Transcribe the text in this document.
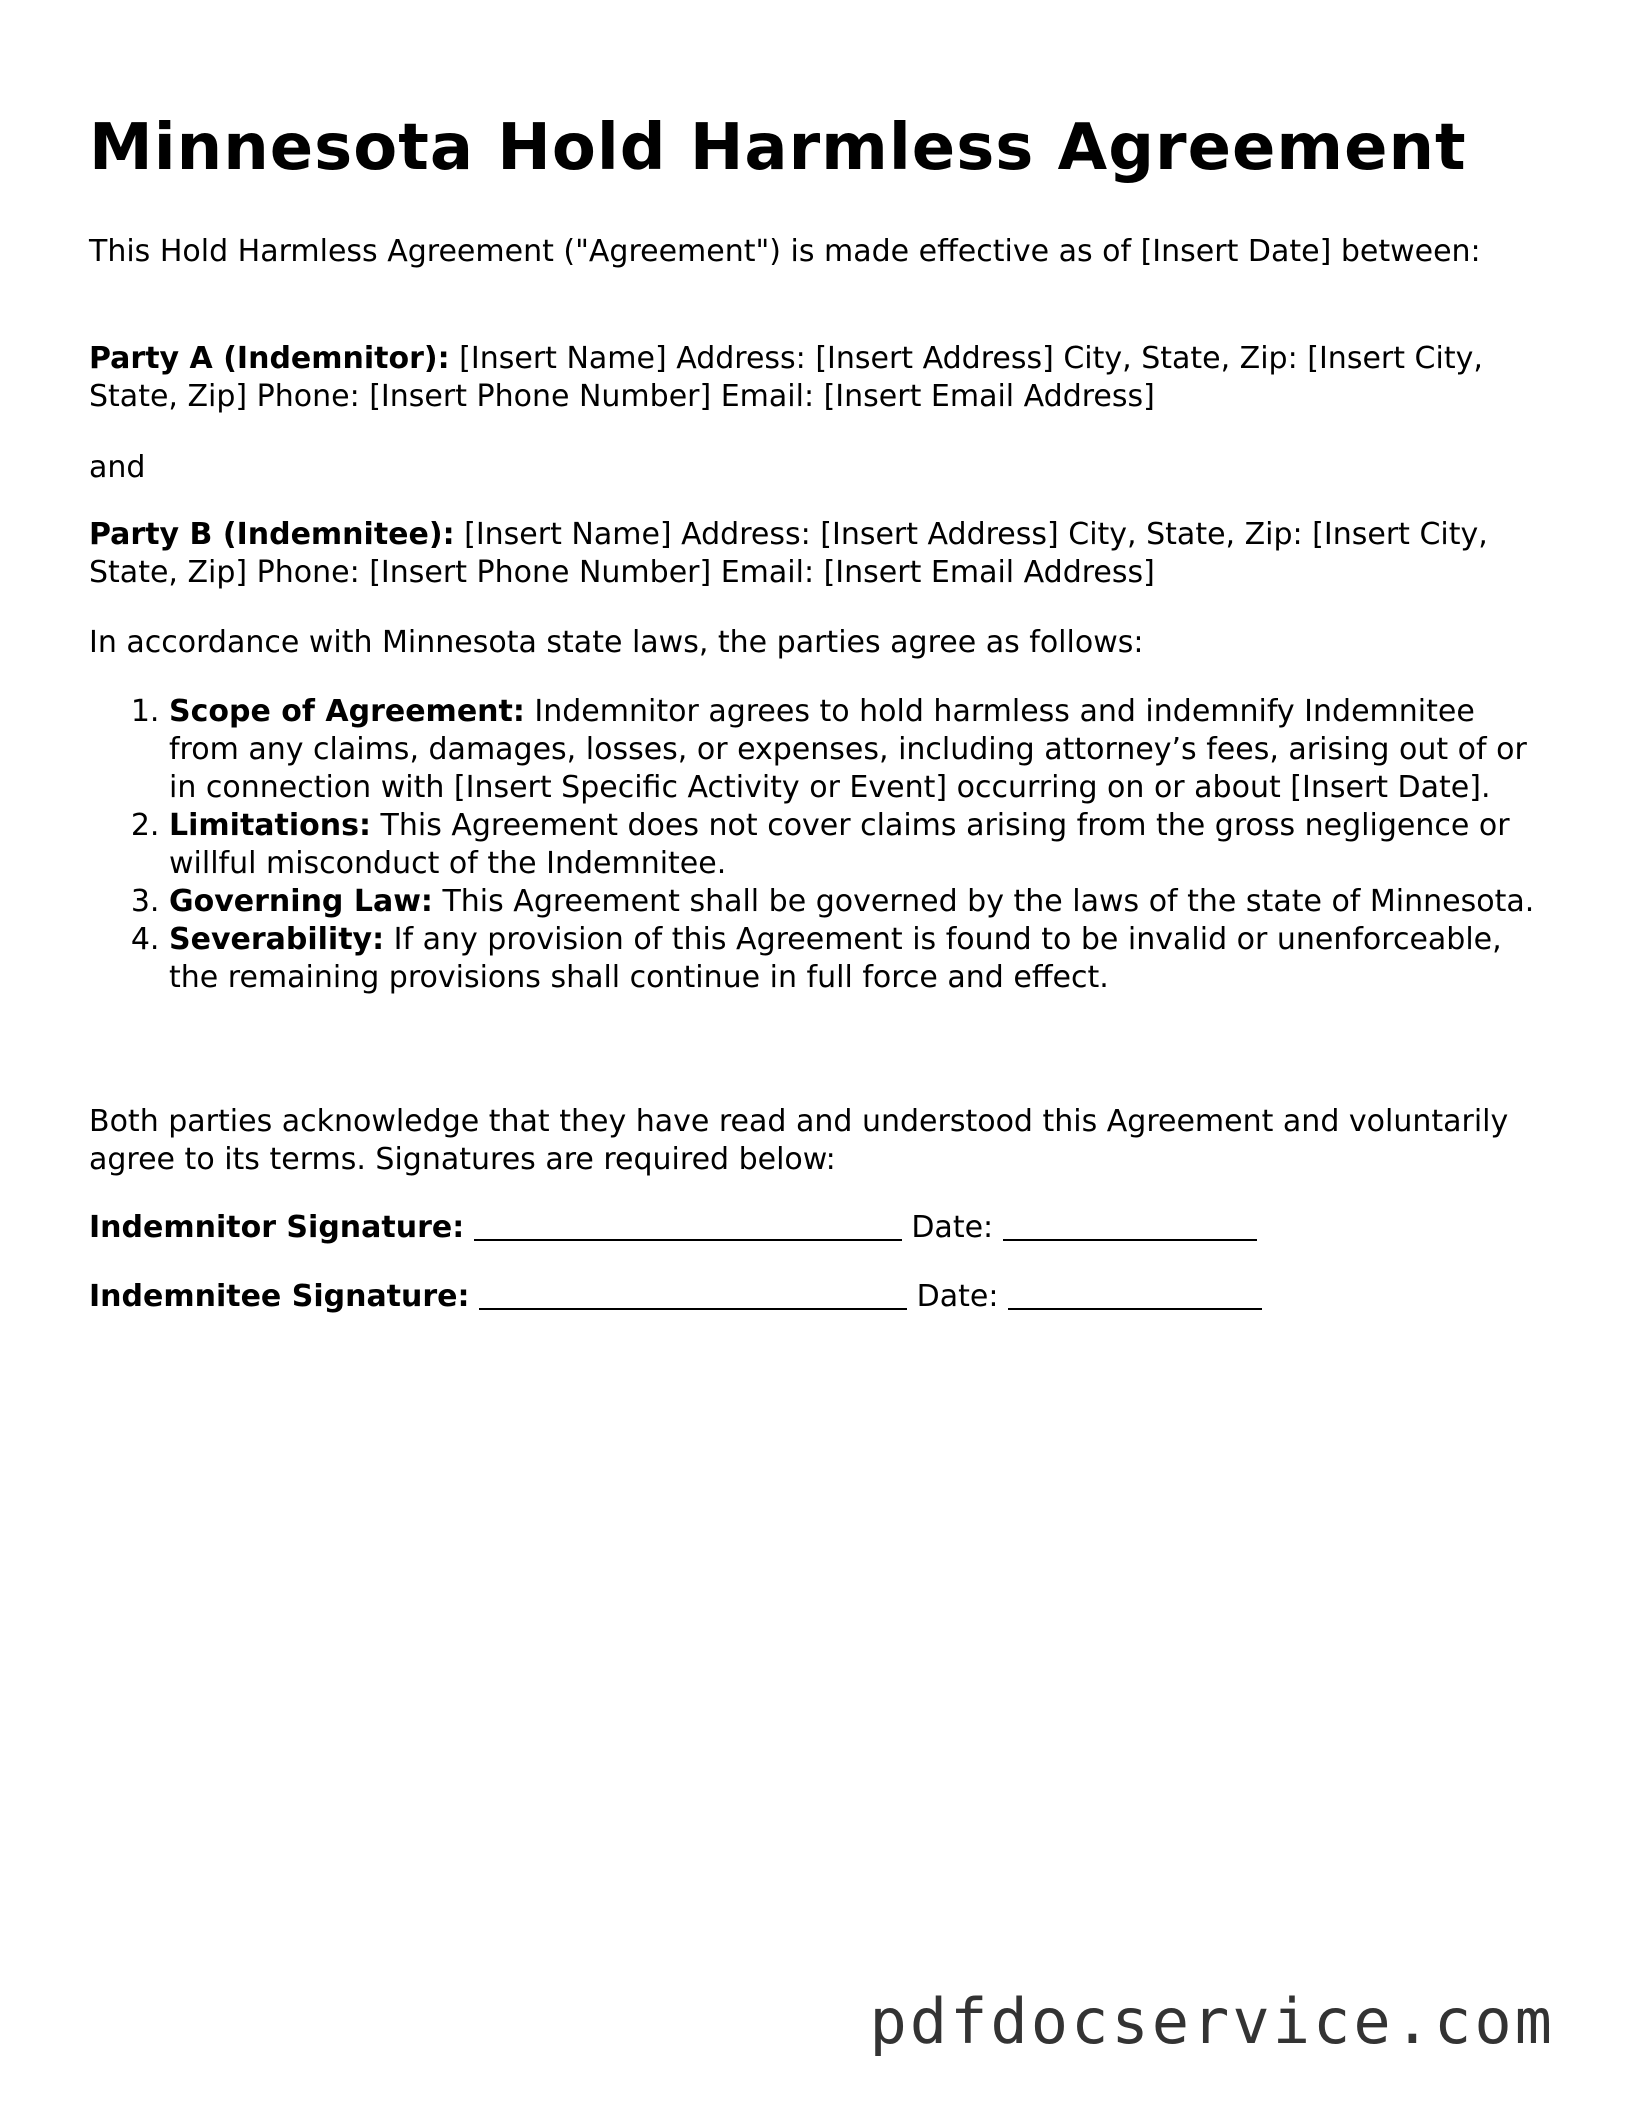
Minnesota Hold Harmless Agreement

This Hold Harmless Agreement ("Agreement") is made effective as of [Insert Date] between:

Party A (Indemnitor): [Insert Name] Address: [Insert Address] City, State, Zip: [Insert City, State, Zip] Phone: [Insert Phone Number] Email: [Insert Email Address]

and

Party B (Indemnitee): [Insert Name] Address: [Insert Address] City, State, Zip: [Insert City, State, Zip] Phone: [Insert Phone Number] Email: [Insert Email Address]

In accordance with Minnesota state laws, the parties agree as follows:

1. Scope of Agreement: Indemnitor agrees to hold harmless and indemnify Indemnitee from any claims, damages, losses, or expenses, including attorney’s fees, arising out of or in connection with [Insert Specific Activity or Event] occurring on or about [Insert Date].
2. Limitations: This Agreement does not cover claims arising from the gross negligence or willful misconduct of the Indemnitee.
3. Governing Law: This Agreement shall be governed by the laws of the state of Minnesota.
4. Severability: If any provision of this Agreement is found to be invalid or unenforceable, the remaining provisions shall continue in full force and effect.

Both parties acknowledge that they have read and understood this Agreement and voluntarily agree to its terms. Signatures are required below:

Indemnitor Signature:	Date:
Indemnitee Signature:	Date:
pdfdocservice.com
